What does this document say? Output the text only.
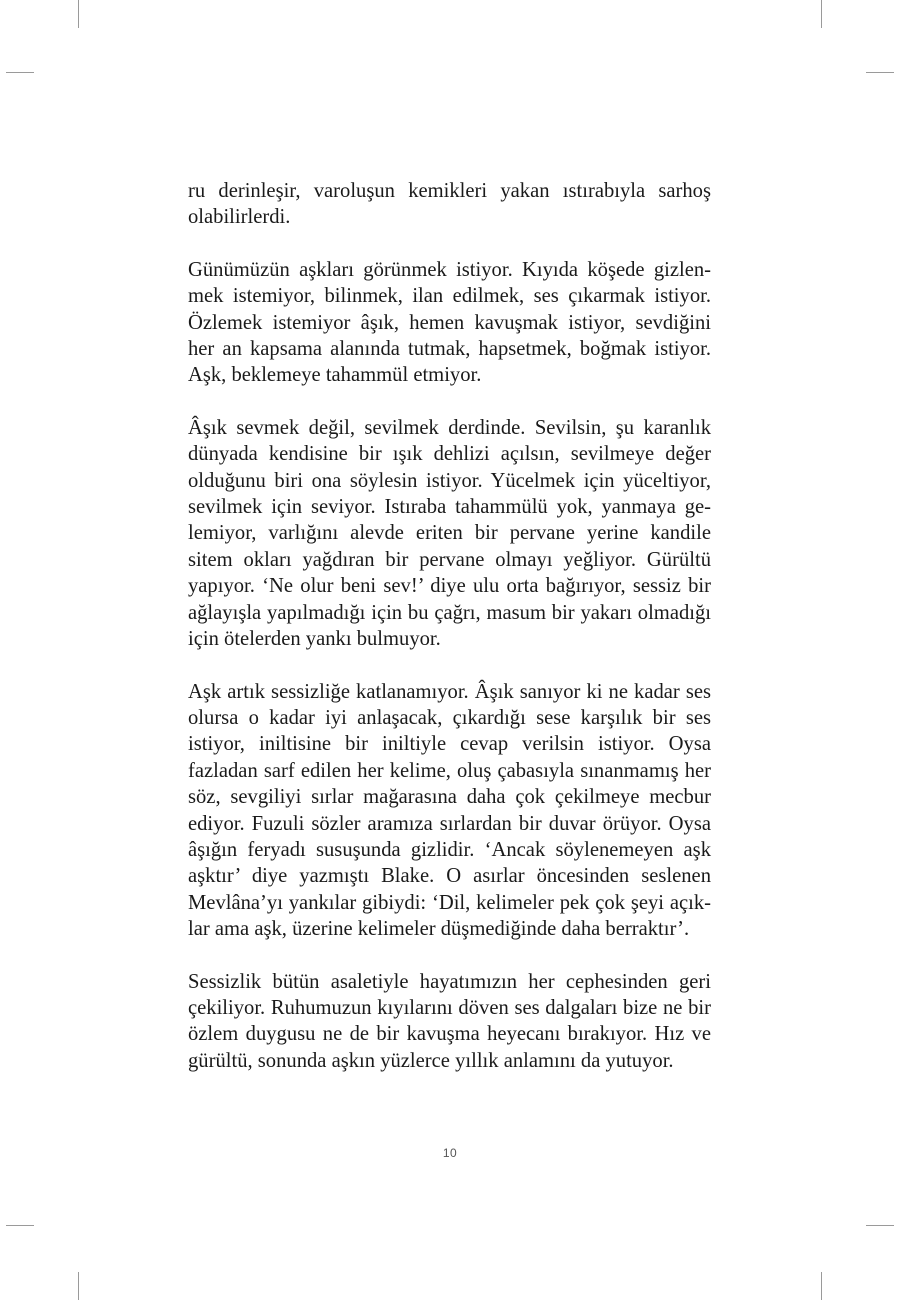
ru derinleşir, varoluşun kemikleri yakan ıstırabıyla sarhoş olabilirlerdi.

Günümüzün aşkları görünmek istiyor. Kıyıda köşede gizlenmek istemiyor, bilinmek, ilan edilmek, ses çıkarmak istiyor. Özlemek istemiyor âşık, hemen kavuşmak istiyor, sevdiğini her an kapsama alanında tutmak, hapsetmek, boğmak istiyor. Aşk, beklemeye tahammül etmiyor.

Âşık sevmek değil, sevilmek derdinde. Sevilsin, şu karanlık dünyada kendisine bir ışık dehlizi açılsın, sevilmeye değer olduğunu biri ona söylesin istiyor. Yücelmek için yüceltiyor, sevilmek için seviyor. Istıraba tahammülü yok, yanmaya gelemiyor, varlığını alevde eriten bir pervane yerine kandile sitem okları yağdıran bir pervane olmayı yeğliyor. Gürültü yapıyor. ‘Ne olur beni sev!’ diye ulu orta bağırıyor, sessiz bir ağlayışla yapılmadığı için bu çağrı, masum bir yakarı olmadığı için ötelerden yankı bulmuyor.

Aşk artık sessizliğe katlanamıyor. Âşık sanıyor ki ne kadar ses olursa o kadar iyi anlaşacak, çıkardığı sese karşılık bir ses istiyor, iniltisine bir iniltiyle cevap verilsin istiyor. Oysa fazladan sarf edilen her kelime, oluş çabasıyla sınanmamış her söz, sevgiliyi sırlar mağarasına daha çok çekilmeye mecbur ediyor. Fuzuli sözler aramıza sırlardan bir duvar örüyor. Oysa âşığın feryadı susuşunda gizlidir. ‘Ancak söylenemeyen aşk aşktır’ diye yazmıştı Blake. O asırlar öncesinden seslenen Mevlâna’yı yankılar gibiydi: ‘Dil, kelimeler pek çok şeyi açıklar ama aşk, üzerine kelimeler düşmediğinde daha berraktır’.

Sessizlik bütün asaletiyle hayatımızın her cephesinden geri çekiliyor. Ruhumuzun kıyılarını döven ses dalgaları bize ne bir özlem duygusu ne de bir kavuşma heyecanı bırakıyor. Hız ve gürültü, sonunda aşkın yüzlerce yıllık anlamını da yutuyor.

10
